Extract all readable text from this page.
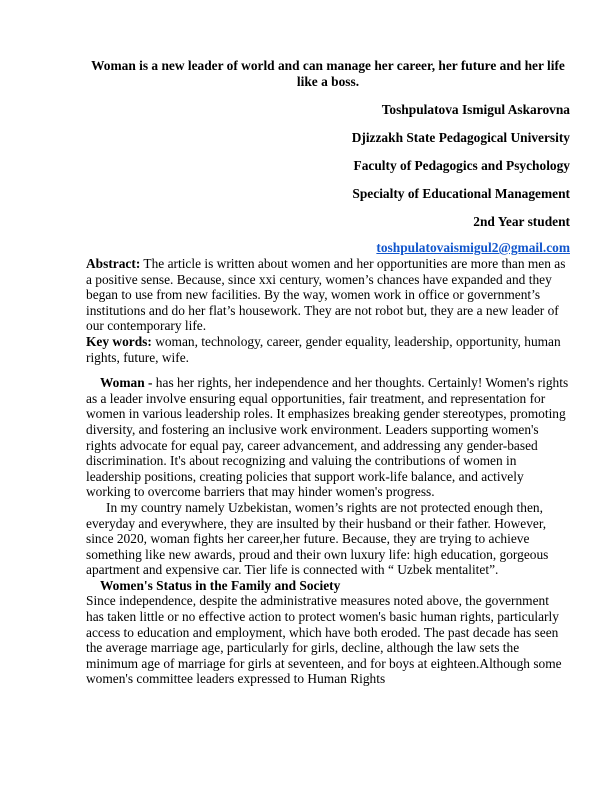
Woman is a new leader of world and can manage her career, her future and her life like a boss.

Toshpulatova Ismigul Askarovna
Djizzakh State Pedagogical University
Faculty of Pedagogics and Psychology
Specialty of Educational Management
2nd Year student
toshpulatovaismigul2@gmail.com

Abstract: The article is written about women and her opportunities are more than men as a positive sense. Because, since xxi century, women’s chances have expanded and they began to use from new facilities. By the way, women work in office or government’s institutions and do her flat’s housework. They are not robot but, they are a new leader of our contemporary life.

Key words: woman, technology, career, gender equality, leadership, opportunity, human rights, future, wife.

Woman - has her rights, her independence and her thoughts. Certainly! Women's rights as a leader involve ensuring equal opportunities, fair treatment, and representation for women in various leadership roles. It emphasizes breaking gender stereotypes, promoting diversity, and fostering an inclusive work environment. Leaders supporting women's rights advocate for equal pay, career advancement, and addressing any gender-based discrimination. It's about recognizing and valuing the contributions of women in leadership positions, creating policies that support work-life balance, and actively working to overcome barriers that may hinder women's progress.

In my country namely Uzbekistan, women’s rights are not protected enough then, everyday and everywhere, they are insulted by their husband or their father. However, since 2020, woman fights her career,her future. Because, they are trying to achieve something like new awards, proud and their own luxury life: high education, gorgeous apartment and expensive car. Tier life is connected with “ Uzbek mentalitet”.

Women's Status in the Family and Society

Since independence, despite the administrative measures noted above, the government has taken little or no effective action to protect women's basic human rights, particularly access to education and employment, which have both eroded. The past decade has seen the average marriage age, particularly for girls, decline, although the law sets the minimum age of marriage for girls at seventeen, and for boys at eighteen.Although some women's committee leaders expressed to Human Rights
